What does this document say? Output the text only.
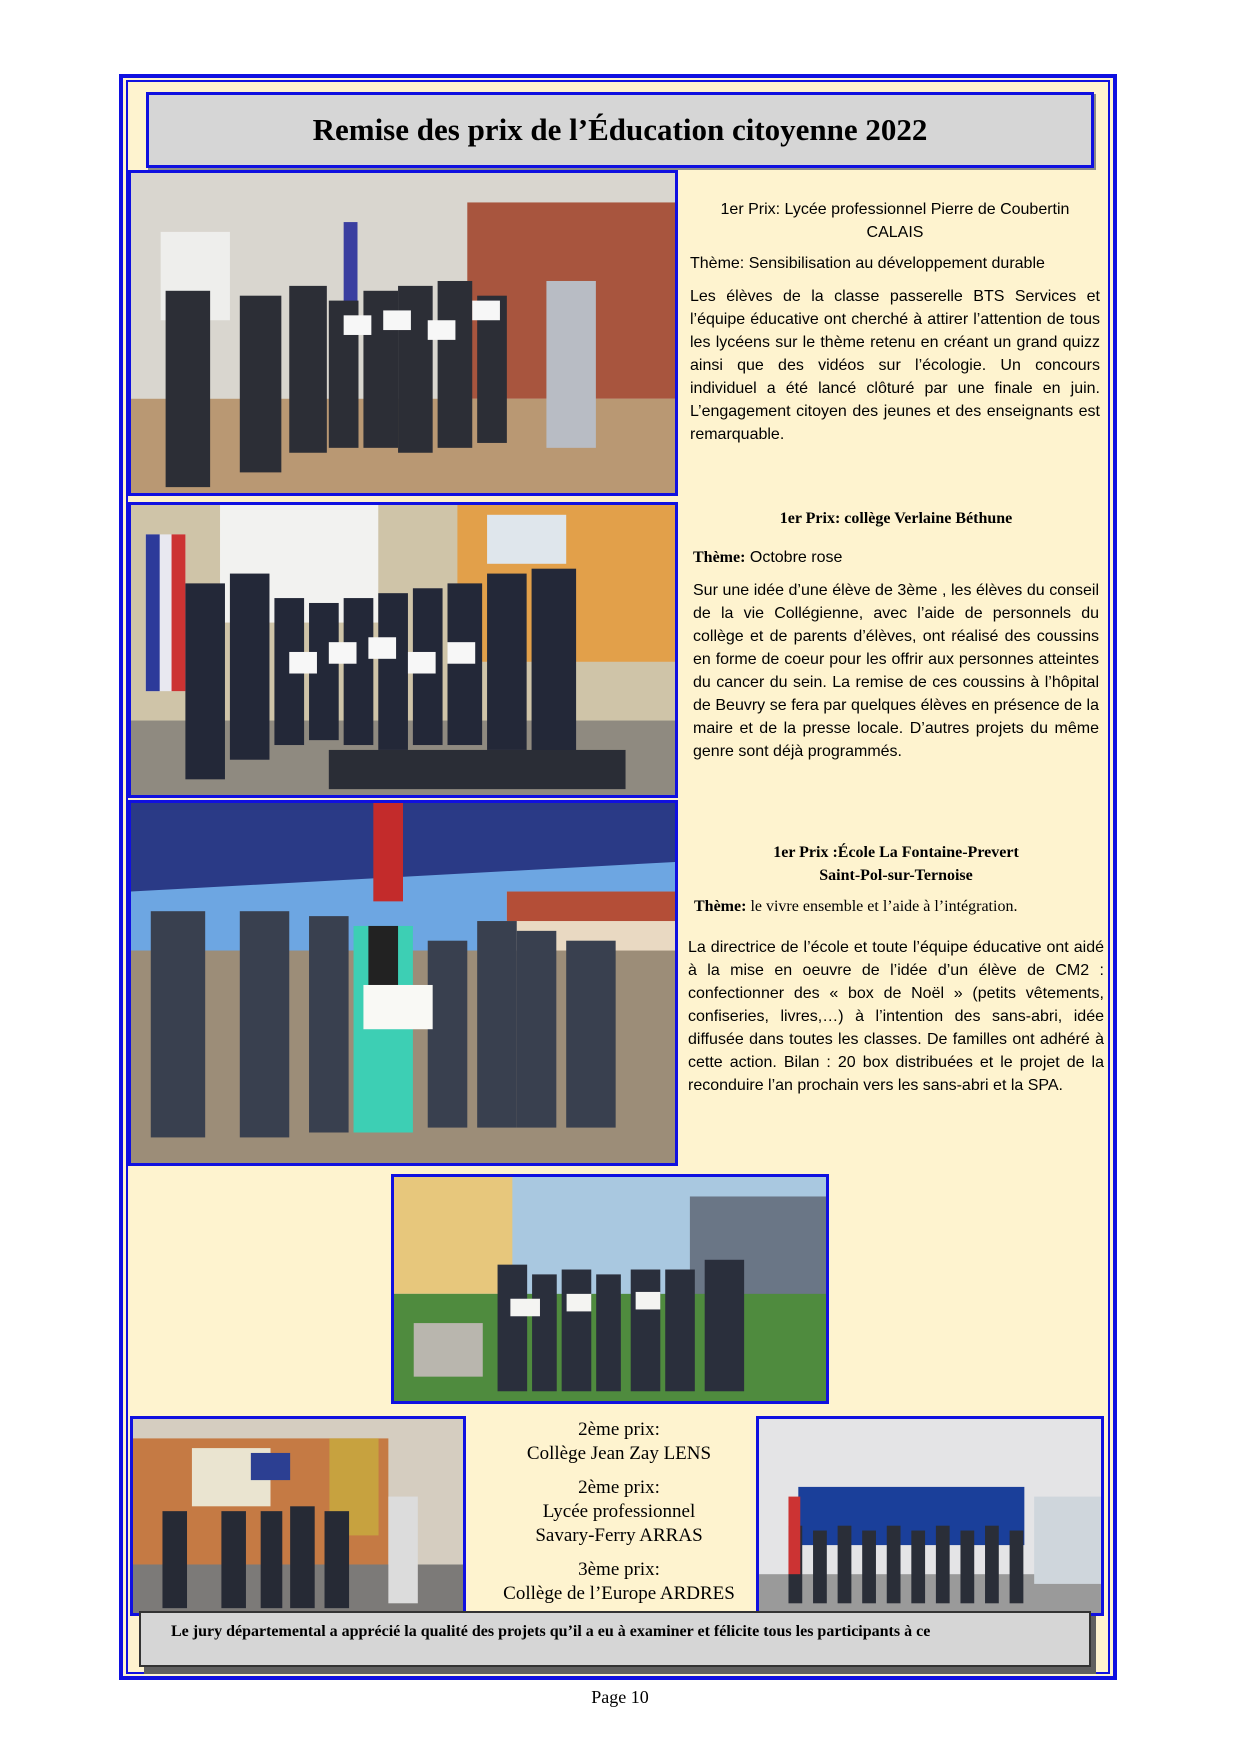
Remise des prix de l’Éducation citoyenne 2022
1er Prix: Lycée professionnel Pierre de Coubertin
CALAIS
Thème: Sensibilisation au développement durable

Les élèves de la classe passerelle BTS Services et l’équipe éducative ont cherché à attirer l’attention de tous les lycéens sur le thème retenu en créant un grand quizz ainsi que des vidéos sur l’écologie. Un concours individuel a été lancé clôturé par une finale en juin. L’engagement citoyen des jeunes et des enseignants est remarquable.

1er Prix: collège Verlaine Béthune
Thème: Octobre rose

Sur une idée d’une élève de 3ème , les élèves du conseil de la vie Collégienne, avec l’aide de personnels du collège et de parents d’élèves, ont réalisé des coussins en forme de coeur pour les offrir aux personnes atteintes du cancer du sein. La remise de ces coussins à l’hôpital de Beuvry se fera par quelques élèves en présence de la maire et de la presse locale. D’autres projets du même genre sont déjà programmés.

1er Prix :École La Fontaine-Prevert
Saint-Pol-sur-Ternoise
Thème: le vivre ensemble et l’aide à l’intégration.

La directrice de l’école et toute l’équipe éducative ont aidé à la mise en oeuvre de l’idée d’un élève de CM2 : confectionner des « box de Noël » (petits vêtements, confiseries, livres,…) à l’intention des sans-abri, idée diffusée dans toutes les classes. De familles ont adhéré à cette action. Bilan : 20 box distribuées et le projet de la reconduire l’an prochain vers les sans-abri et la SPA.

2ème prix:
Collège Jean Zay LENS
2ème prix:
Lycée professionnel
Savary-Ferry ARRAS
3ème prix:
Collège de l’Europe ARDRES
Le jury départemental a apprécié la qualité des projets qu’il a eu à examiner et félicite tous les participants à ce
Page 10
